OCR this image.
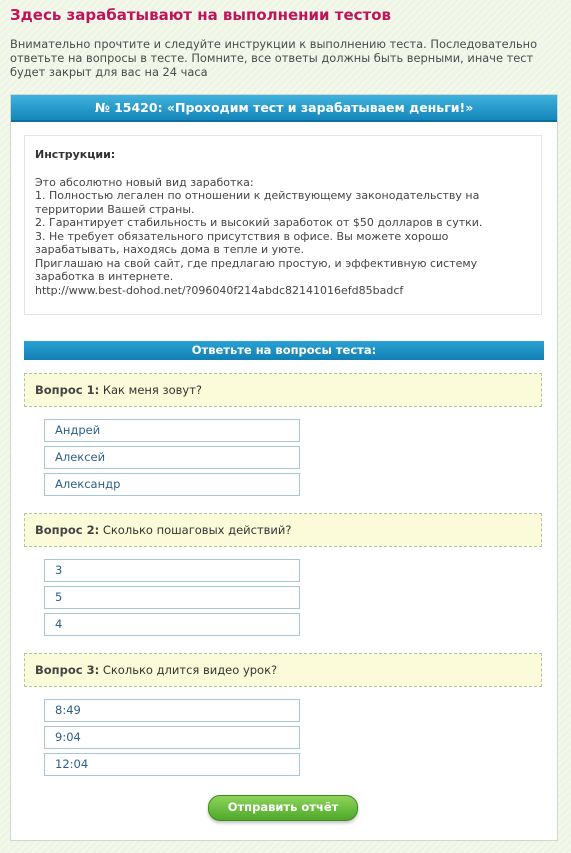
Здесь зарабатывают на выполнении тестов
Внимательно прочтите и следуйте инструкции к выполнению теста. Последовательно ответьте на вопросы в тесте. Помните, все ответы должны быть верными, иначе тест будет закрыт для вас на 24 часа
№ 15420: «Проходим тест и зарабатываем деньги!»
Инструкции:
Это абсолютно новый вид заработка:
1. Полностью легален по отношении к действующему законодательству на территории Вашей страны.
2. Гарантирует стабильность и высокий заработок от $50 долларов в сутки.
3. Не требует обязательного присутствия в офисе. Вы можете хорошо зарабатывать, находясь дома в тепле и уюте.
Приглашаю на свой сайт, где предлагаю простую, и эффективную систему заработка в интернете.
http://www.best-dohod.net/?096040f214abdc82141016efd85badcf
Ответьте на вопросы теста:
Вопрос 1: Как меня зовут?
Андрей
Алексей
Александр
Вопрос 2: Сколько пошаговых действий?
3
5
4
Вопрос 3: Сколько длится видео урок?
8:49
9:04
12:04
Отправить отчёт
